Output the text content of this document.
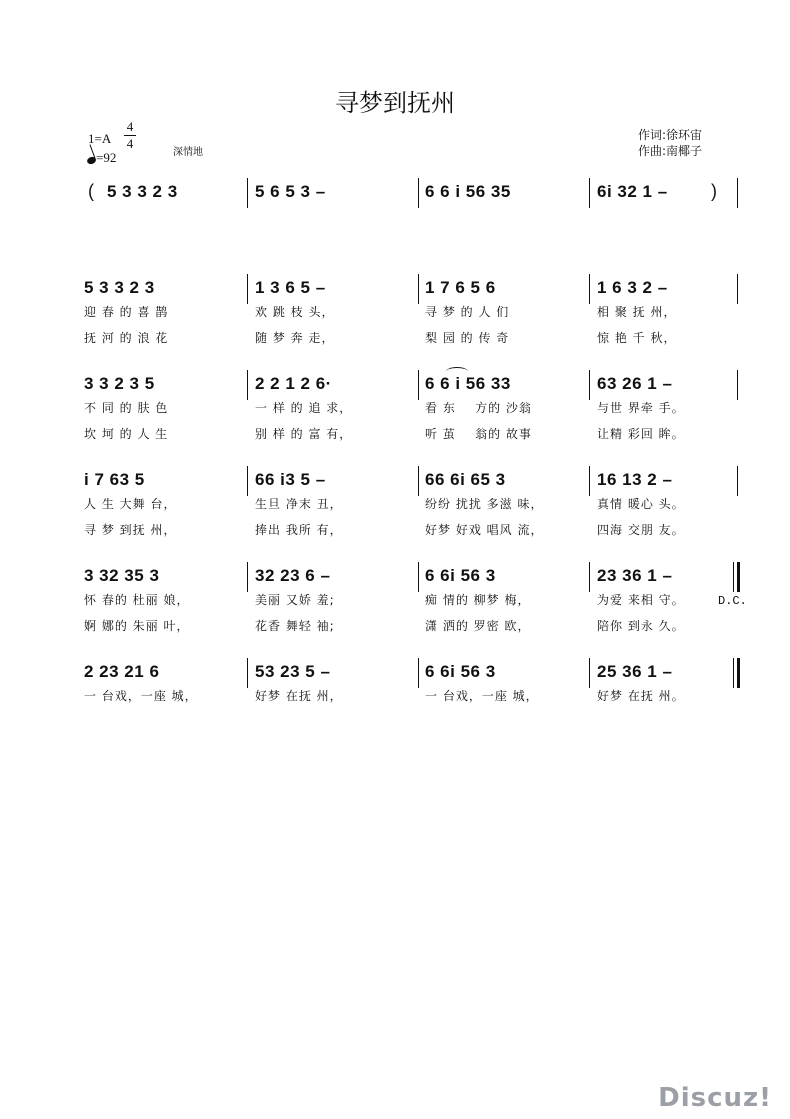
寻梦到抚州
1=A
4
4
=92	深情地
作词:徐环宙
作曲:南椰子
( 5 3 3 2 3	5 6 5 3 –	6 6 i 56 35	6i 32 1 – )
5 3 3 2 3	1 3 6 5 –	1 7 6 5 6	1 6 3 2 –
迎 春 的 喜 鹊	欢 跳 枝 头，	寻 梦 的 人 们	相 聚 抚 州，
抚 河 的 浪 花	随 梦 奔 走，	梨 园 的 传 奇	惊 艳 千 秋，
3 3 2 3 5	2 2 1 2 6·	6 6 i 56 33	63 26 1 –
不 同 的 肤 色	一 样 的 追 求，	看 东    方的 沙翁	与世 界牵 手。
坎 坷 的 人 生	别 样 的 富 有，	听 茧    翁的 故事	让精 彩回 眸。
i 7 63 5	66 i3 5 –	66 6i 65 3	16 13 2 –
人 生 大舞 台，	生旦 净末 丑，	纷纷 扰扰 多滋 味，	真情 暖心 头。
寻 梦 到抚 州，	捧出 我所 有，	好梦 好戏 唱风 流，	四海 交朋 友。
3 32 35 3	32 23 6 –	6 6i 56 3	23 36 1 –
D.C.
怀 春的 杜丽 娘，	美丽 又娇 羞;	痴 情的 柳梦 梅，	为爱 来相 守。
婀 娜的 朱丽 叶，	花香 舞轻 袖;	潇 洒的 罗密 欧，	陪你 到永 久。
2 23 21 6	53 23 5 –	6 6i 56 3	25 36 1 –
一 台戏，一座 城，	好梦 在抚 州，	一 台戏，一座 城，	好梦 在抚 州。
Discuz!
